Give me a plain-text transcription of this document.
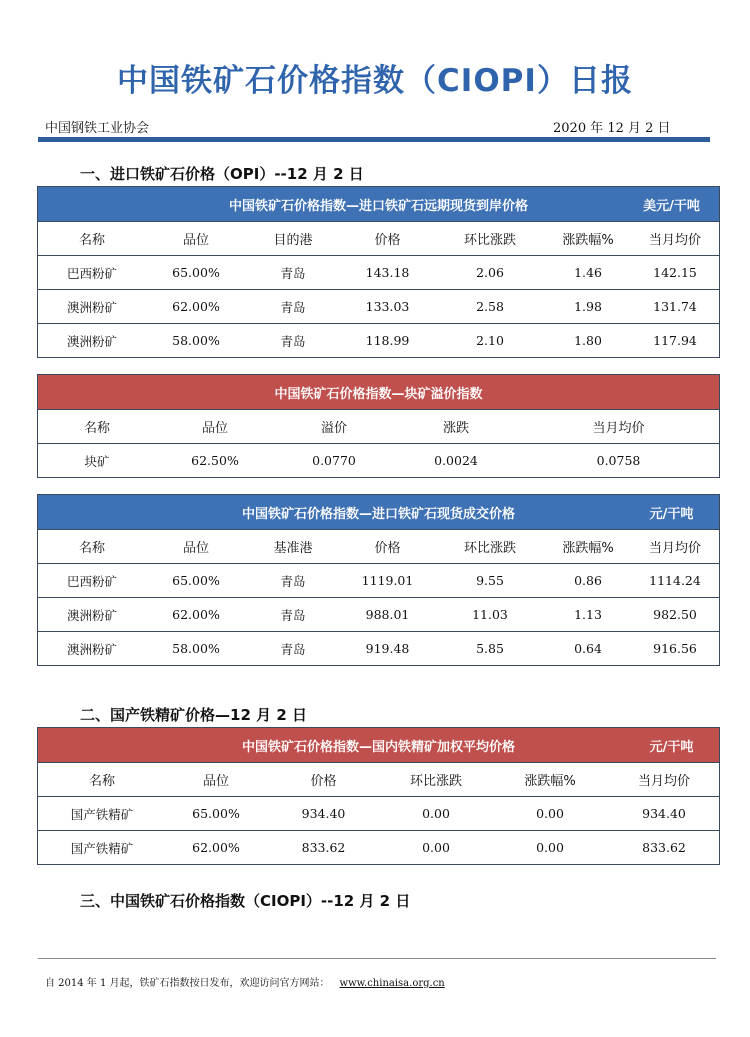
中国铁矿石价格指数（CIOPI）日报
中国钢铁工业协会	2020 年 12 月 2 日
一、进口铁矿石价格（OPI）--12 月 2 日
中国铁矿石价格指数—进口铁矿石远期现货到岸价格	美元/干吨
名称	品位	目的港	价格	环比涨跌	涨跌幅%	当月均价
巴西粉矿	65.00%	青岛	143.18	2.06	1.46	142.15
澳洲粉矿	62.00%	青岛	133.03	2.58	1.98	131.74
澳洲粉矿	58.00%	青岛	118.99	2.10	1.80	117.94
中国铁矿石价格指数—块矿溢价指数
名称	品位	溢价	涨跌	当月均价
块矿	62.50%	0.0770	0.0024	0.0758
中国铁矿石价格指数—进口铁矿石现货成交价格	元/干吨
名称	品位	基准港	价格	环比涨跌	涨跌幅%	当月均价
巴西粉矿	65.00%	青岛	1119.01	9.55	0.86	1114.24
澳洲粉矿	62.00%	青岛	988.01	11.03	1.13	982.50
澳洲粉矿	58.00%	青岛	919.48	5.85	0.64	916.56
二、国产铁精矿价格—12 月 2 日
中国铁矿石价格指数—国内铁精矿加权平均价格	元/干吨
名称	品位	价格	环比涨跌	涨跌幅%	当月均价
国产铁精矿	65.00%	934.40	0.00	0.00	934.40
国产铁精矿	62.00%	833.62	0.00	0.00	833.62
三、中国铁矿石价格指数（CIOPI）--12 月 2 日
自 2014 年 1 月起，铁矿石指数按日发布，欢迎访问官方网站： www.chinaisa.org.cn
